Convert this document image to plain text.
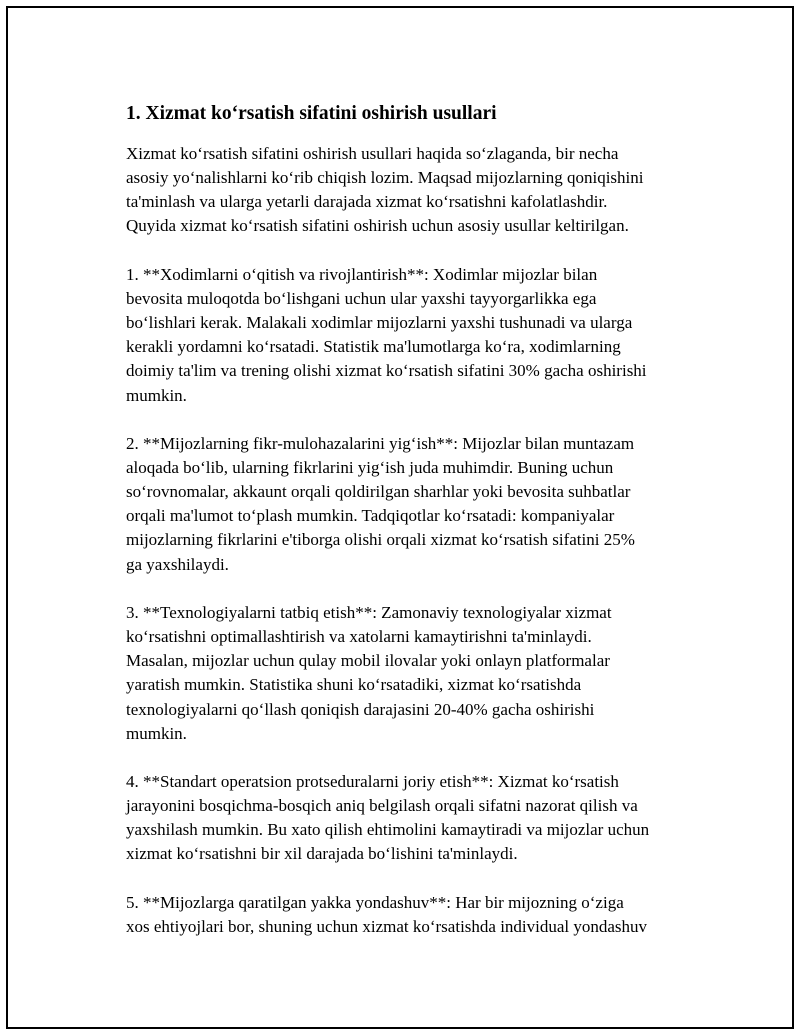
1. Xizmat ko‘rsatish sifatini oshirish usullari

Xizmat ko‘rsatish sifatini oshirish usullari haqida so‘zlaganda, bir necha
asosiy yo‘nalishlarni ko‘rib chiqish lozim. Maqsad mijozlarning qoniqishini
ta'minlash va ularga yetarli darajada xizmat ko‘rsatishni kafolatlashdir.
Quyida xizmat ko‘rsatish sifatini oshirish uchun asosiy usullar keltirilgan.

1. **Xodimlarni o‘qitish va rivojlantirish**: Xodimlar mijozlar bilan
bevosita muloqotda bo‘lishgani uchun ular yaxshi tayyorgarlikka ega
bo‘lishlari kerak. Malakali xodimlar mijozlarni yaxshi tushunadi va ularga
kerakli yordamni ko‘rsatadi. Statistik ma'lumotlarga ko‘ra, xodimlarning
doimiy ta'lim va trening olishi xizmat ko‘rsatish sifatini 30% gacha oshirishi
mumkin.

2. **Mijozlarning fikr-mulohazalarini yig‘ish**: Mijozlar bilan muntazam
aloqada bo‘lib, ularning fikrlarini yig‘ish juda muhimdir. Buning uchun
so‘rovnomalar, akkaunt orqali qoldirilgan sharhlar yoki bevosita suhbatlar
orqali ma'lumot to‘plash mumkin. Tadqiqotlar ko‘rsatadi: kompaniyalar
mijozlarning fikrlarini e'tiborga olishi orqali xizmat ko‘rsatish sifatini 25%
ga yaxshilaydi.

3. **Texnologiyalarni tatbiq etish**: Zamonaviy texnologiyalar xizmat
ko‘rsatishni optimallashtirish va xatolarni kamaytirishni ta'minlaydi.
Masalan, mijozlar uchun qulay mobil ilovalar yoki onlayn platformalar
yaratish mumkin. Statistika shuni ko‘rsatadiki, xizmat ko‘rsatishda
texnologiyalarni qo‘llash qoniqish darajasini 20-40% gacha oshirishi
mumkin.

4. **Standart operatsion protseduralarni joriy etish**: Xizmat ko‘rsatish
jarayonini bosqichma-bosqich aniq belgilash orqali sifatni nazorat qilish va
yaxshilash mumkin. Bu xato qilish ehtimolini kamaytiradi va mijozlar uchun
xizmat ko‘rsatishni bir xil darajada bo‘lishini ta'minlaydi.

5. **Mijozlarga qaratilgan yakka yondashuv**: Har bir mijozning o‘ziga
xos ehtiyojlari bor, shuning uchun xizmat ko‘rsatishda individual yondashuv
